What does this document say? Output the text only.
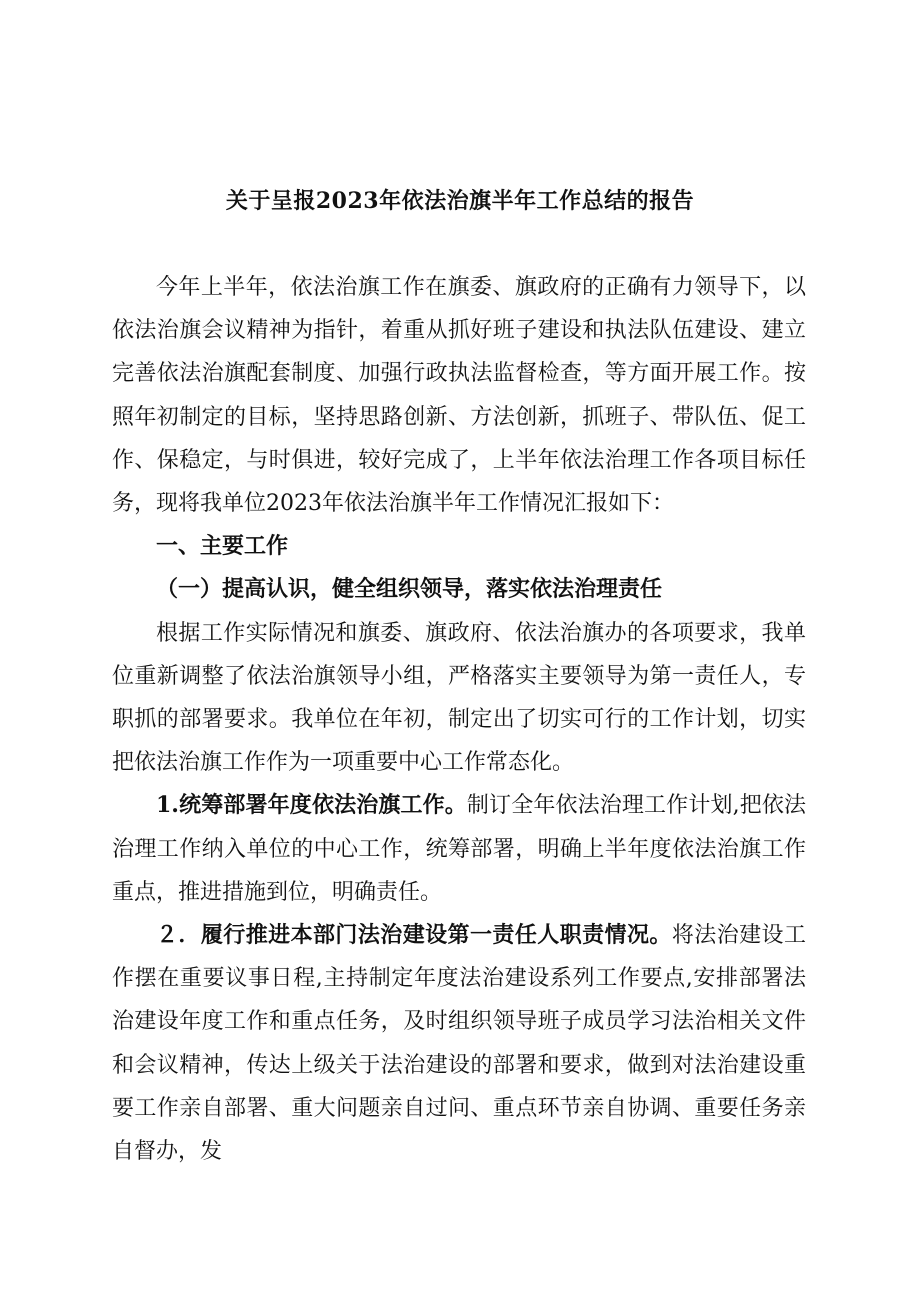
关于呈报2023年依法治旗半年工作总结的报告

今年上半年，依法治旗工作在旗委、旗政府的正确有力领导下，以依法治旗会议精神为指针，着重从抓好班子建设和执法队伍建设、建立完善依法治旗配套制度、加强行政执法监督检查，等方面开展工作。按照年初制定的目标，坚持思路创新、方法创新，抓班子、带队伍、促工作、保稳定，与时俱进，较好完成了，上半年依法治理工作各项目标任务，现将我单位2023年依法治旗半年工作情况汇报如下：

一、主要工作

（一）提高认识，健全组织领导，落实依法治理责任

根据工作实际情况和旗委、旗政府、依法治旗办的各项要求，我单位重新调整了依法治旗领导小组，严格落实主要领导为第一责任人，专职抓的部署要求。我单位在年初，制定出了切实可行的工作计划，切实把依法治旗工作作为一项重要中心工作常态化。

1.统筹部署年度依法治旗工作。制订全年依法治理工作计划,把依法治理工作纳入单位的中心工作，统筹部署，明确上半年度依法治旗工作重点，推进措施到位，明确责任。

２．履行推进本部门法治建设第一责任人职责情况。将法治建设工作摆在重要议事日程,主持制定年度法治建设系列工作要点,安排部署法治建设年度工作和重点任务，及时组织领导班子成员学习法治相关文件和会议精神，传达上级关于法治建设的部署和要求，做到对法治建设重要工作亲自部署、重大问题亲自过问、重点环节亲自协调、重要任务亲自督办，发
